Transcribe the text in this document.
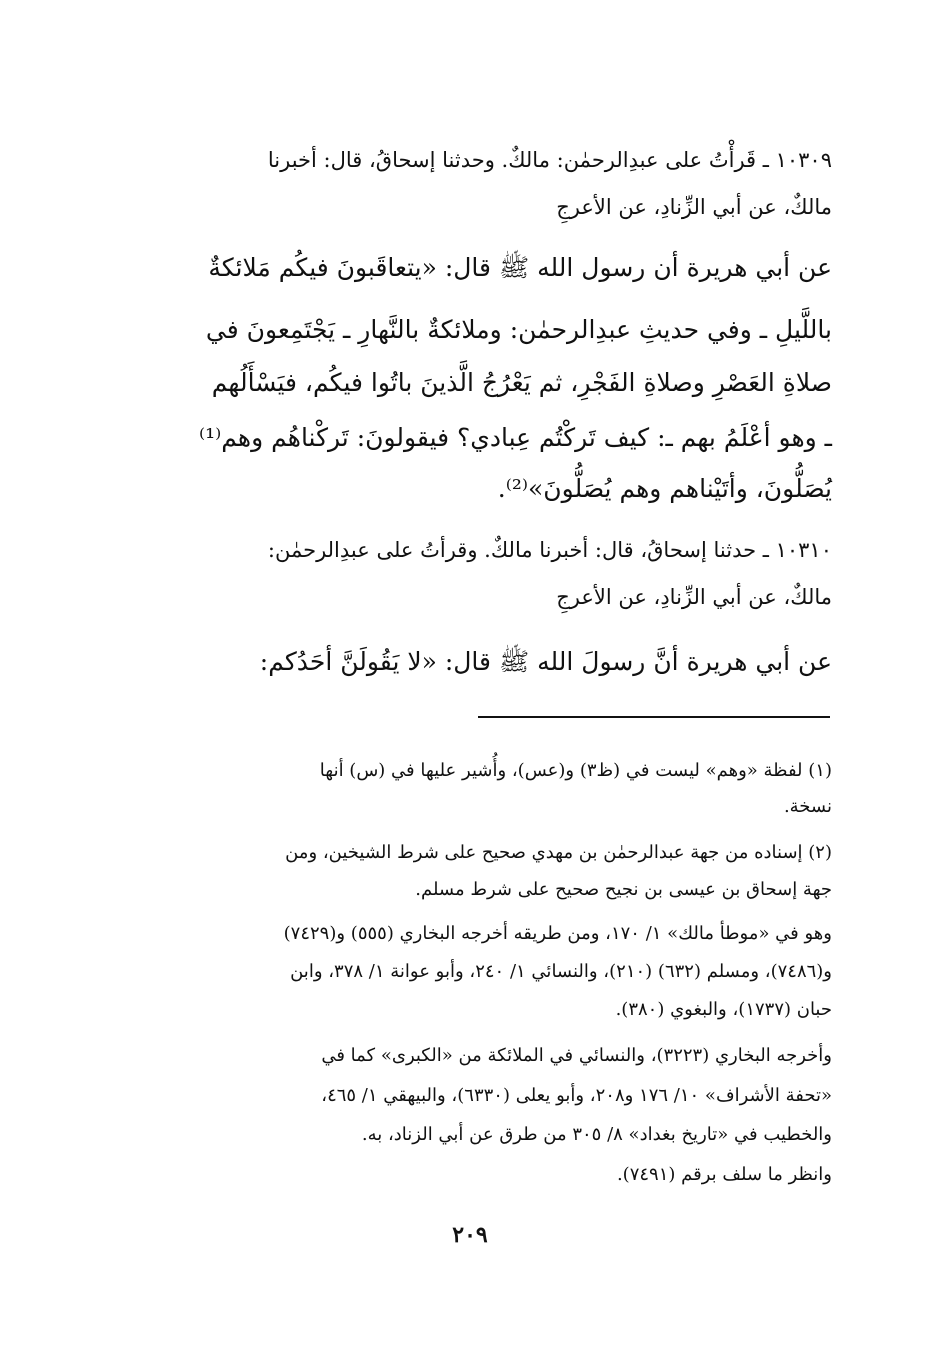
١٠٣٠٩ ـ قَرأْتُ على عبدِالرحمٰن: مالكٌ. وحدثنا إسحاقُ، قال: أخبرنا
مالكٌ، عن أبي الزِّنادِ، عن الأعرجِ
عن أبي هريرة أن رسول الله ﷺ قال: «يتعاقَبونَ فيكُم مَلائكةٌ
باللَّيلِ ـ وفي حديثِ عبدِالرحمٰن: وملائكةٌ بالنَّهارِ ـ يَجْتَمِعونَ في
صلاةِ العَصْرِ وصلاةِ الفَجْرِ، ثم يَعْرُجُ الَّذينَ باتُوا فيكُم، فيَسْأَلُهم
ـ وهو أعْلَمُ بهم ـ: كيف تَركْتُم عِبادي؟ فيقولونَ: تَركْناهُم وهم⁽¹⁾
يُصَلُّونَ، وأتَيْناهم وهم يُصَلُّونَ»⁽²⁾.
١٠٣١٠ ـ حدثنا إسحاقُ، قال: أخبرنا مالكٌ. وقرأتُ على عبدِالرحمٰن:
مالكٌ، عن أبي الزِّنادِ، عن الأعرجِ
عن أبي هريرة أنَّ رسولَ الله ﷺ قال: «لا يَقُولَنَّ أحَدُكم:
(١) لفظة «وهم» ليست في (ظ٣) و(عس)، وأُشير عليها في (س) أنها
نسخة.
(٢) إسناده من جهة عبدالرحمٰن بن مهدي صحيح على شرط الشيخين، ومن
جهة إسحاق بن عيسى بن نجيح صحيح على شرط مسلم.
وهو في «موطأ مالك» ١/ ١٧٠، ومن طريقه أخرجه البخاري (٥٥٥) و(٧٤٢٩)
و(٧٤٨٦)، ومسلم (٦٣٢) (٢١٠)، والنسائي ١/ ٢٤٠، وأبو عوانة ١/ ٣٧٨، وابن
حبان (١٧٣٧)، والبغوي (٣٨٠).
وأخرجه البخاري (٣٢٢٣)، والنسائي في الملائكة من «الكبرى» كما في
«تحفة الأشراف» ١٠/ ١٧٦ و٢٠٨، وأبو يعلى (٦٣٣٠)، والبيهقي ١/ ٤٦٥،
والخطيب في «تاريخ بغداد» ٨/ ٣٠٥ من طرق عن أبي الزناد، به.
وانظر ما سلف برقم (٧٤٩١).
٢٠٩
